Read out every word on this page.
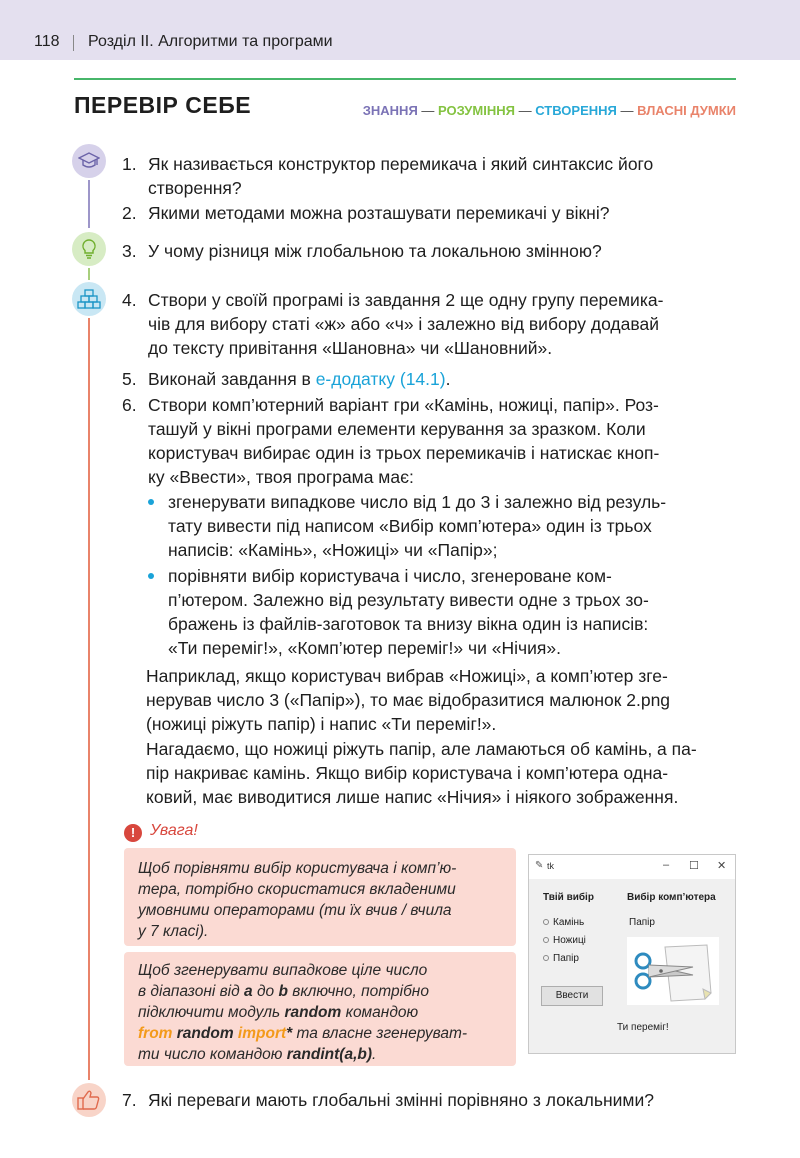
118 Розділ ІІ. Алгоритми та програми
ПЕРЕВІР СЕБЕ	ЗНАННЯ — РОЗУМІННЯ — СТВОРЕННЯ — ВЛАСНІ ДУМКИ
1. Як називається конструктор перемикача і який синтаксис його
створення?
2. Якими методами можна розташувати перемикачі у вікні?
3. У чому різниця між глобальною та локальною змінною?
4. Створи у своїй програмі із завдання 2 ще одну групу перемика-
чів для вибору статі «ж» або «ч» і залежно від вибору додавай
до тексту привітання «Шановна» чи «Шановний».
5. Виконай завдання в е-додатку (14.1).
6. Створи комп’ютерний варіант гри «Камінь, ножиці, папір». Роз-
ташуй у вікні програми елементи керування за зразком. Коли
користувач вибирає один із трьох перемикачів і натискає кноп-
ку «Ввести», твоя програма має:
згенерувати випадкове число від 1 до 3 і залежно від резуль-
тату вивести під написом «Вибір комп’ютера» один із трьох
написів: «Камінь», «Ножиці» чи «Папір»;
порівняти вибір користувача і число, згенероване ком-
п’ютером. Залежно від результату вивести одне з трьох зо-
бражень із файлів-заготовок та внизу вікна один із написів:
«Ти переміг!», «Комп’ютер переміг!» чи «Нічия».
Наприклад, якщо користувач вибрав «Ножиці», а комп’ютер зге-
нерував число 3 («Папір»), то має відобразитися малюнок 2.png
(ножиці ріжуть папір) і напис «Ти переміг!».
Нагадаємо, що ножиці ріжуть папір, але ламаються об камінь, а па-
пір накриває камінь. Якщо вибір користувача і комп’ютера одна-
ковий, має виводитися лише напис «Нічия» і ніякого зображення.
! Увага!
Щоб порівняти вибір користувача і комп’ю-
тера, потрібно скористатися вкладеними
умовними операторами (ти їх вчив / вчила
у 7 класі).
Щоб згенерувати випадкове ціле число
в діапазоні від a до b включно, потрібно
підключити модуль random командою
from random import* та власне згенеруват-
ти число командою randint(a,b).
✎ tk	– ☐ ✕
Твій вибір	Вибір комп’ютера
Камінь
Ножиці
Папір
Папір
Ввести
Ти переміг!
7. Які переваги мають глобальні змінні порівняно з локальними?
